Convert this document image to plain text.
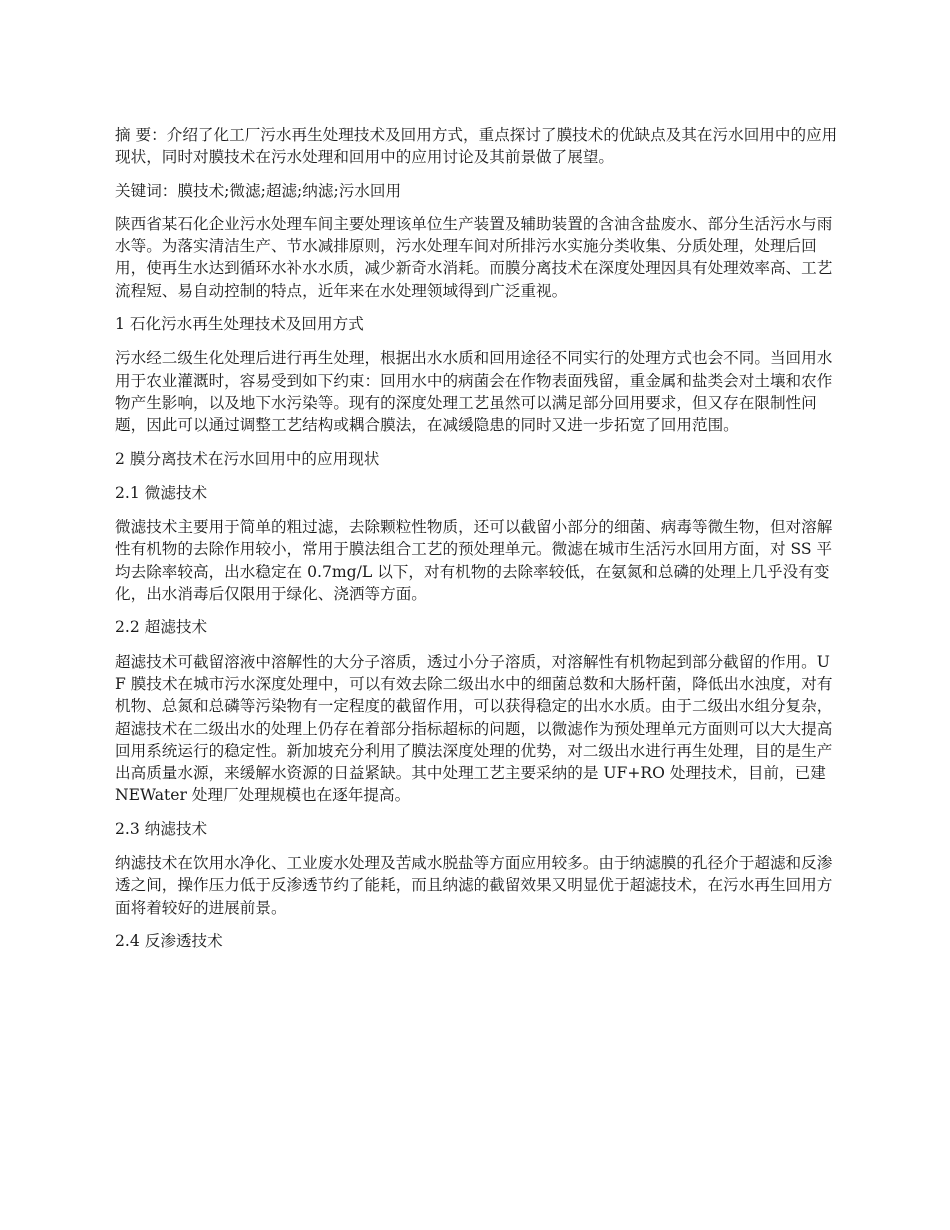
摘 要：介绍了化工厂污水再生处理技术及回用方式，重点探讨了膜技术的优缺点及其在污水回用中的应用现状，同时对膜技术在污水处理和回用中的应用讨论及其前景做了展望。

关键词：膜技术;微滤;超滤;纳滤;污水回用

陕西省某石化企业污水处理车间主要处理该单位生产装置及辅助装置的含油含盐废水、部分生活污水与雨水等。为落实清洁生产、节水减排原则，污水处理车间对所排污水实施分类收集、分质处理，处理后回用，使再生水达到循环水补水水质，减少新奇水消耗。而膜分离技术在深度处理因具有处理效率高、工艺流程短、易自动控制的特点，近年来在水处理领域得到广泛重视。

1 石化污水再生处理技术及回用方式

污水经二级生化处理后进行再生处理，根据出水水质和回用途径不同实行的处理方式也会不同。当回用水用于农业灌溉时，容易受到如下约束：回用水中的病菌会在作物表面残留，重金属和盐类会对土壤和农作物产生影响，以及地下水污染等。现有的深度处理工艺虽然可以满足部分回用要求，但又存在限制性问题，因此可以通过调整工艺结构或耦合膜法，在减缓隐患的同时又进一步拓宽了回用范围。

2 膜分离技术在污水回用中的应用现状

2.1 微滤技术

微滤技术主要用于简单的粗过滤，去除颗粒性物质，还可以截留小部分的细菌、病毒等微生物，但对溶解性有机物的去除作用较小，常用于膜法组合工艺的预处理单元。微滤在城市生活污水回用方面，对 SS 平均去除率较高，出水稳定在 0.7mg/L 以下，对有机物的去除率较低，在氨氮和总磷的处理上几乎没有变化，出水消毒后仅限用于绿化、浇洒等方面。

2.2 超滤技术

超滤技术可截留溶液中溶解性的大分子溶质，透过小分子溶质，对溶解性有机物起到部分截留的作用。UF 膜技术在城市污水深度处理中，可以有效去除二级出水中的细菌总数和大肠杆菌，降低出水浊度，对有机物、总氮和总磷等污染物有一定程度的截留作用，可以获得稳定的出水水质。由于二级出水组分复杂，超滤技术在二级出水的处理上仍存在着部分指标超标的问题，以微滤作为预处理单元方面则可以大大提高回用系统运行的稳定性。新加坡充分利用了膜法深度处理的优势，对二级出水进行再生处理，目的是生产出高质量水源，来缓解水资源的日益紧缺。其中处理工艺主要采纳的是 UF+RO 处理技术，目前，已建 NEWater 处理厂处理规模也在逐年提高。

2.3 纳滤技术

纳滤技术在饮用水净化、工业废水处理及苦咸水脱盐等方面应用较多。由于纳滤膜的孔径介于超滤和反渗透之间，操作压力低于反渗透节约了能耗，而且纳滤的截留效果又明显优于超滤技术，在污水再生回用方面将着较好的进展前景。

2.4 反渗透技术
